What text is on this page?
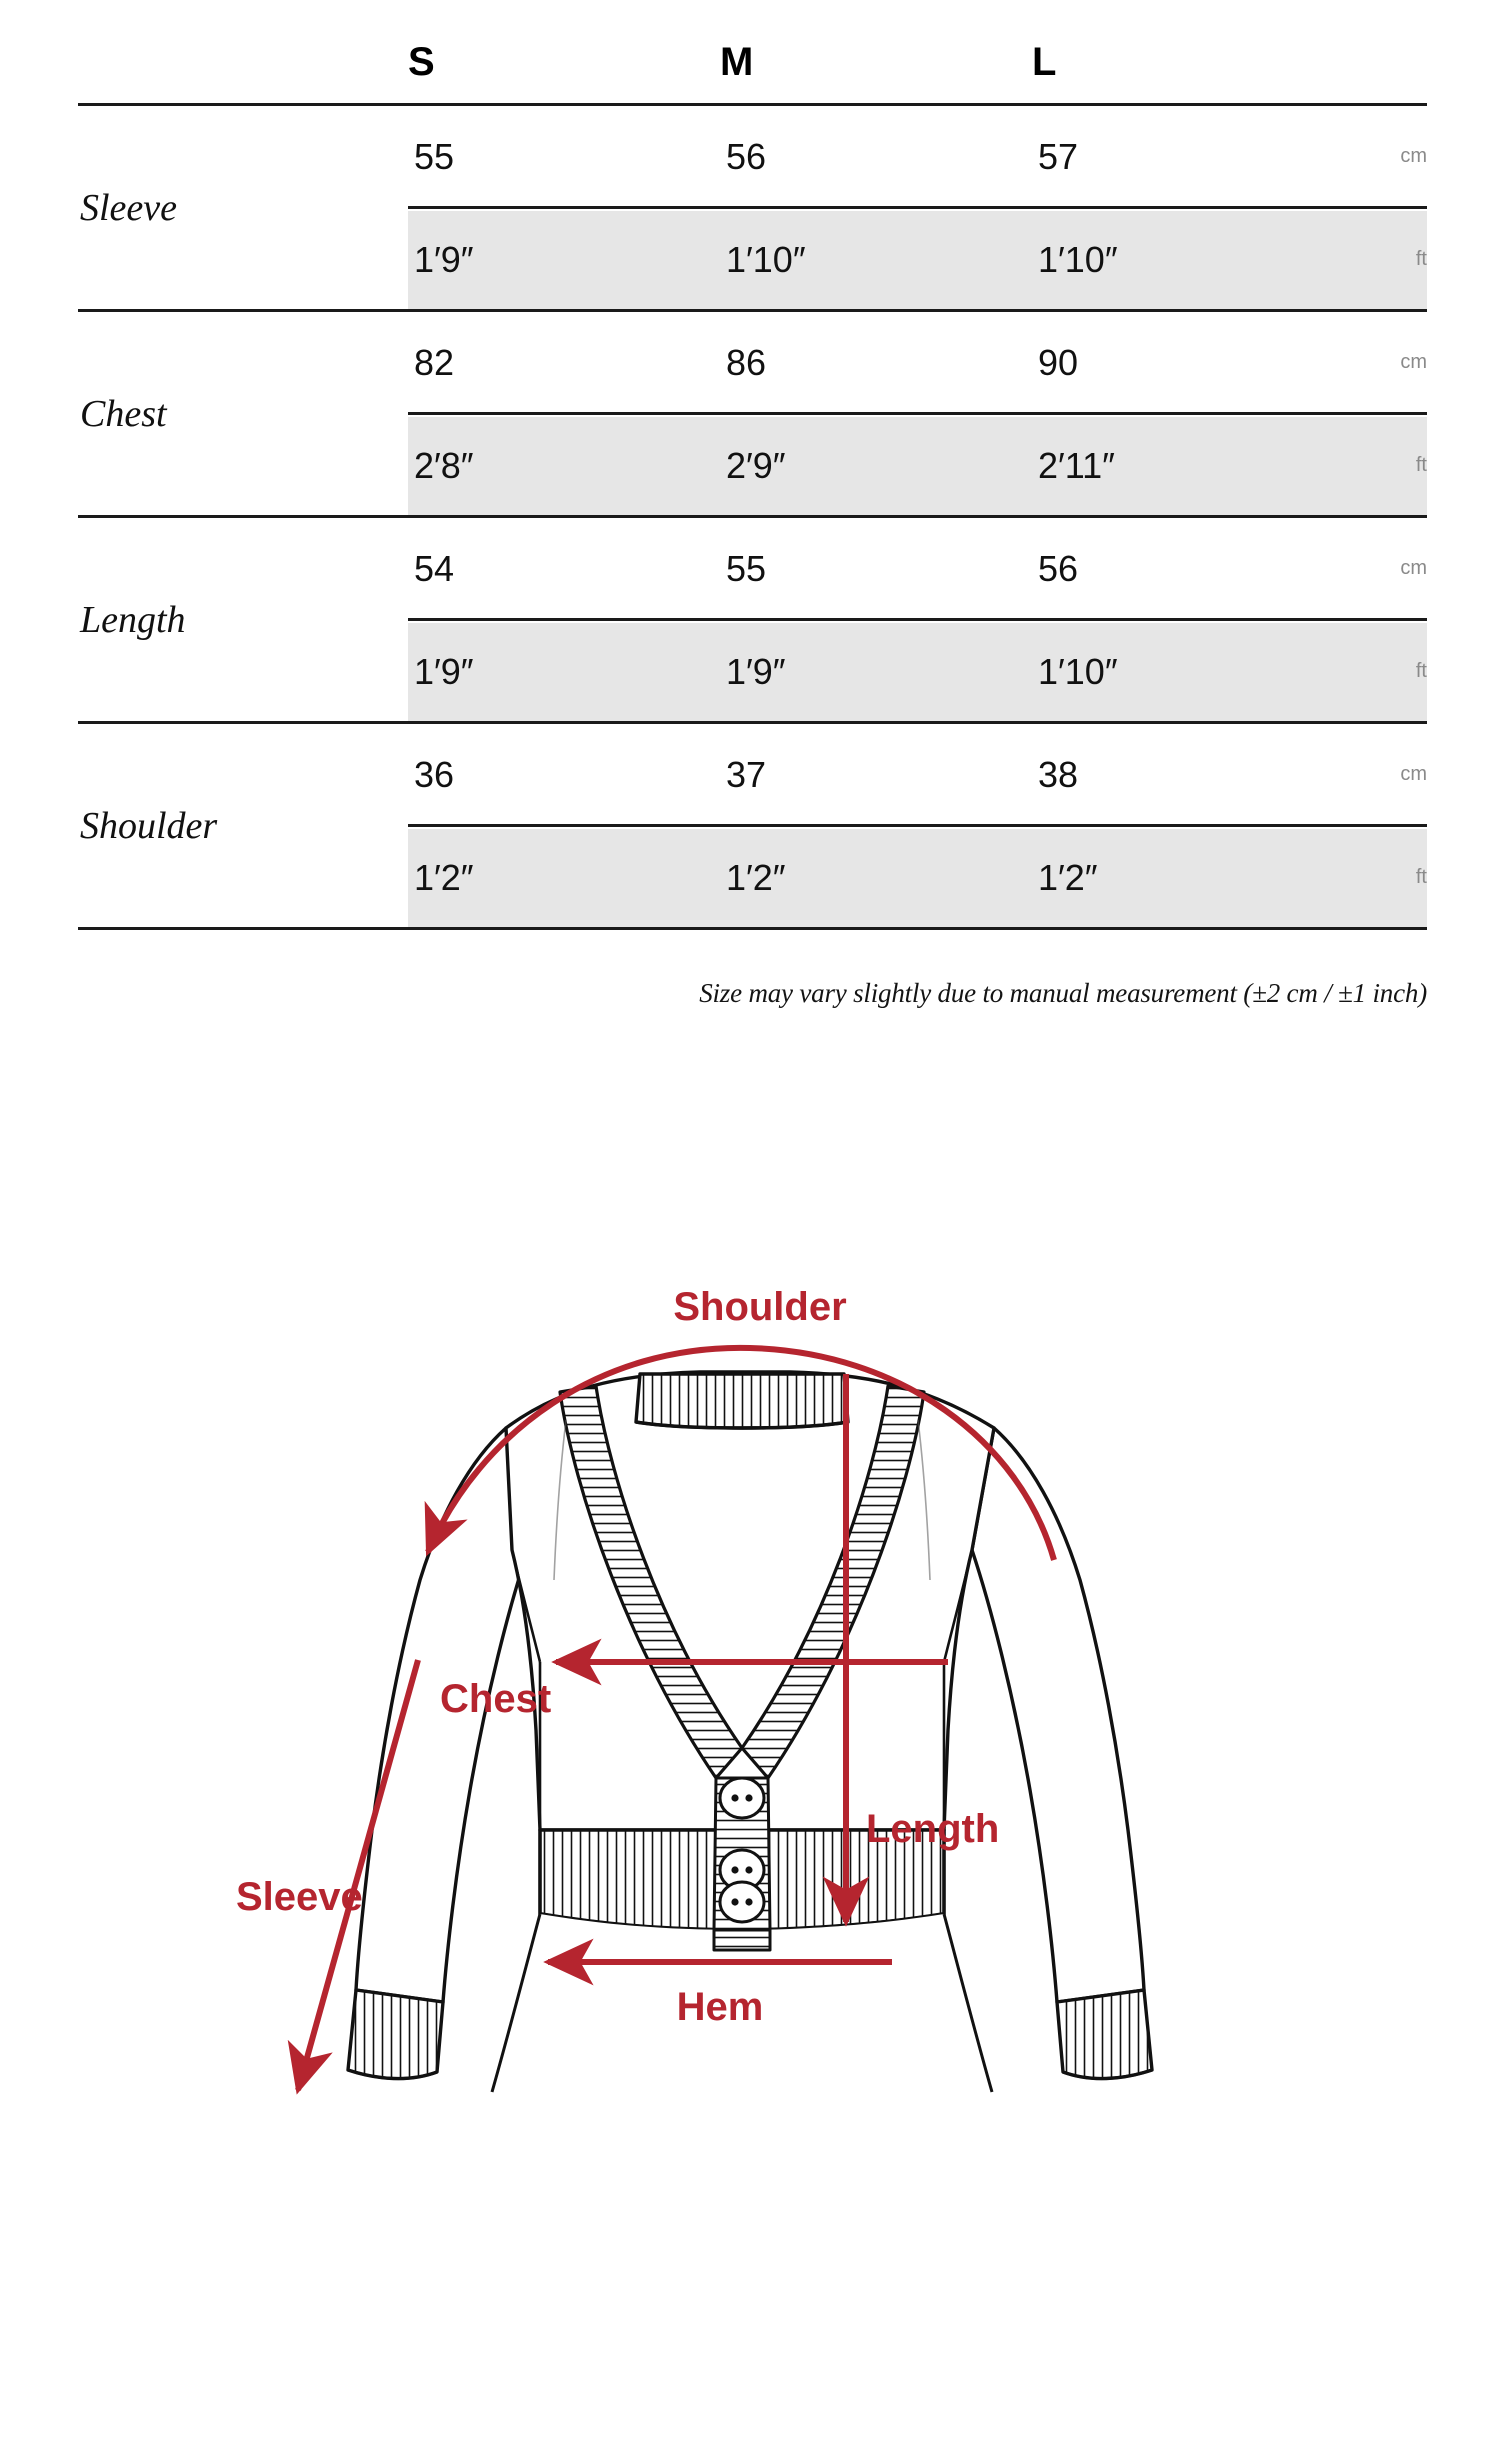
	S	M	L	

Sleeve	55	56	57	cm

	1′9″	1′10″	1′10″	ft

Chest	82	86	90	cm

	2′8″	2′9″	2′11″	ft

Length	54	55	56	cm

	1′9″	1′9″	1′10″	ft

Shoulder	36	37	38	cm

	1′2″	1′2″	1′2″	ft

Size may vary slightly due to manual measurement (±2 cm / ±1 inch)
Shoulder
Sleeve
Chest
Length
Hem
